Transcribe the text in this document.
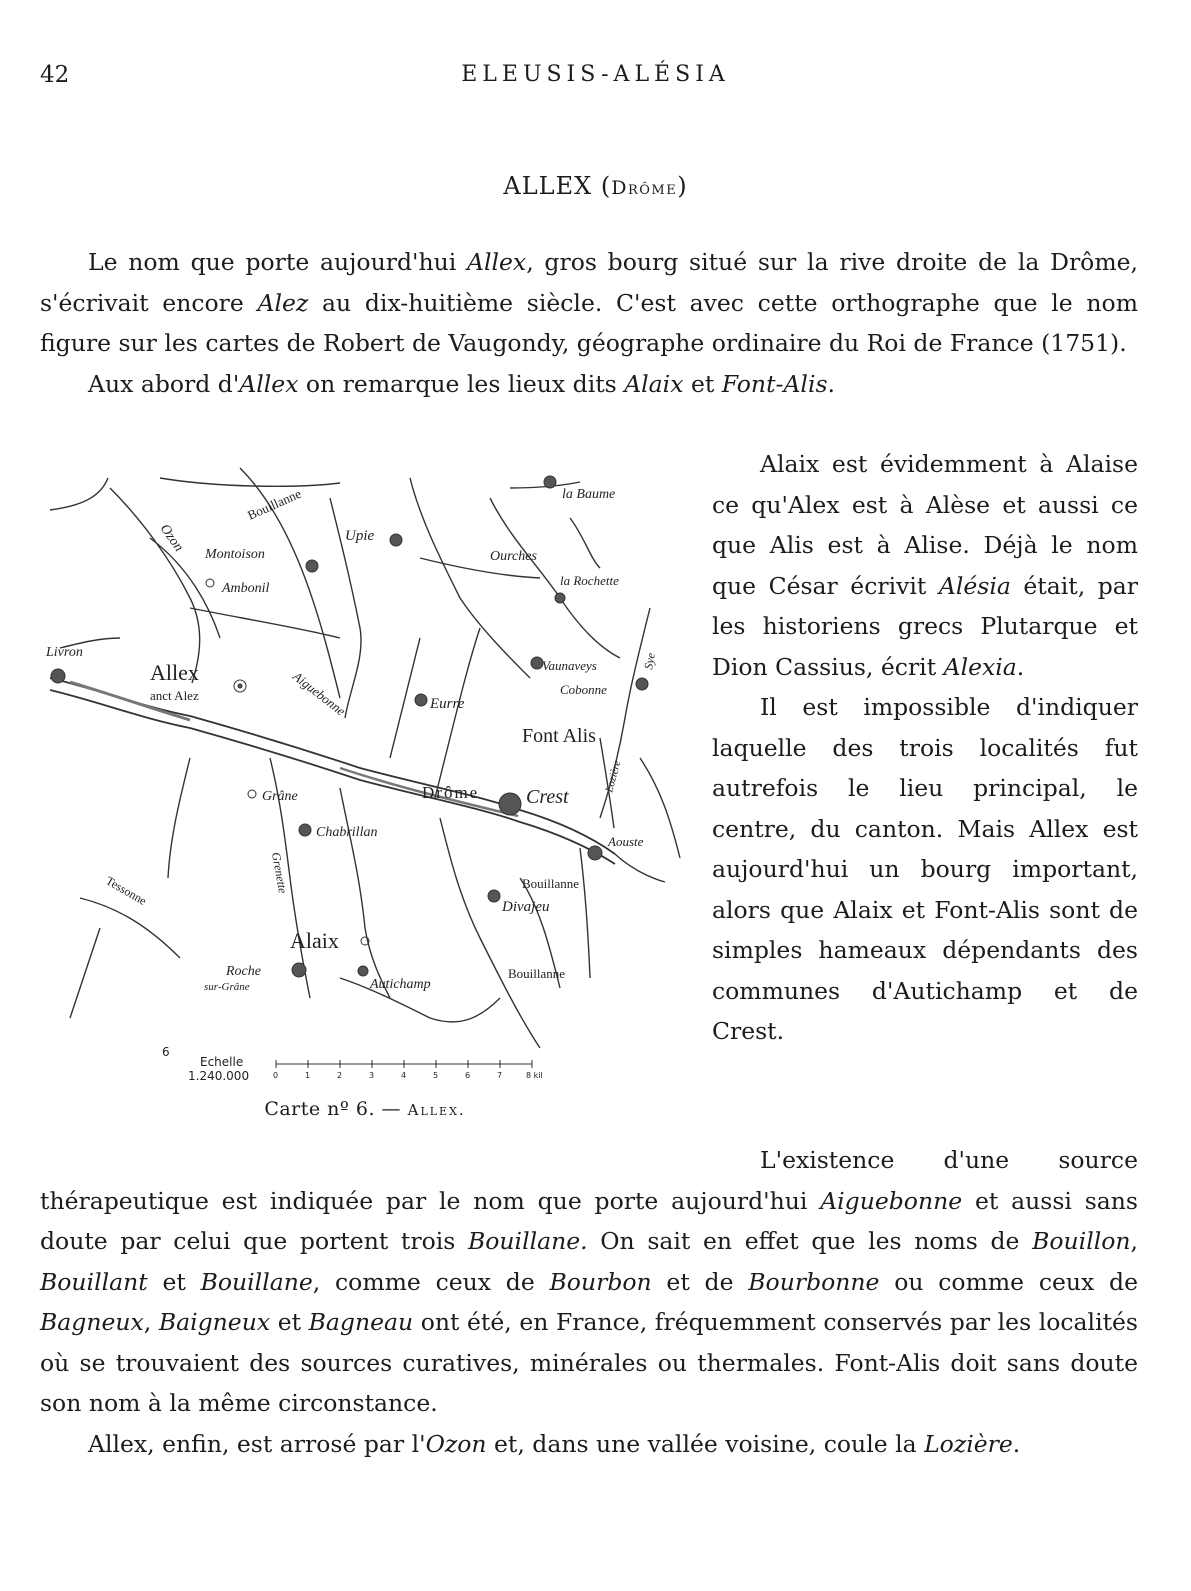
42	ELEUSIS-ALÉSIA
ALLEX (Drôme)

Le nom que porte aujourd'hui Allex, gros bourg situé sur la rive droite de la Drôme, s'écrivait encore Alez au dix-huitième siècle. C'est avec cette orthographe que le nom figure sur les cartes de Robert de Vaugondy, géographe ordinaire du Roi de France (1751).

Aux abord d'Allex on remarque les lieux dits Alaix et Font-Alis.

Livron
Bouillanne
Upie
Montoison
Ambonil
Ozon
la Baume
Ourches
la Rochette
Vaunaveys
Cobonne
Sye
Aiguebonne	Eurre
Font Alis
Lozière
Grâne	Drôme Crest
Aouste
Chabrillan
Grenette
Tessonne	Bouillanne
Divajeu
Alaix
Roche
sur-Grâne	Autichamp
Bouillanne
Allex
anct Alez
6
Echelle
1.240.000	0	1	2	3	4	5	6	7	8 kil
Carte nº 6. — Allex.

Alaix est évidemment à Alaise ce qu'Alex est à Alèse et aussi ce que Alis est à Alise. Déjà le nom que César écrivit Alésia était, par les historiens grecs Plutarque et Dion Cassius, écrit Alexia.

Il est impossible d'indiquer laquelle des trois localités fut autrefois le lieu principal, le centre, du canton. Mais Allex est aujourd'hui un bourg important, alors que Alaix et Font-Alis sont de simples hameaux dépendants des communes d'Autichamp et de Crest.

L'existence d'une source thérapeutique est indiquée par le nom que porte aujourd'hui Aiguebonne et aussi sans doute par celui que portent trois Bouillane. On sait en effet que les noms de Bouillon, Bouillant et Bouillane, comme ceux de Bourbon et de Bourbonne ou comme ceux de Bagneux, Baigneux et Bagneau ont été, en France, fréquemment conservés par les localités où se trouvaient des sources curatives, minérales ou thermales. Font-Alis doit sans doute son nom à la même circonstance.

Allex, enfin, est arrosé par l'Ozon et, dans une vallée voisine, coule la Lozière.
